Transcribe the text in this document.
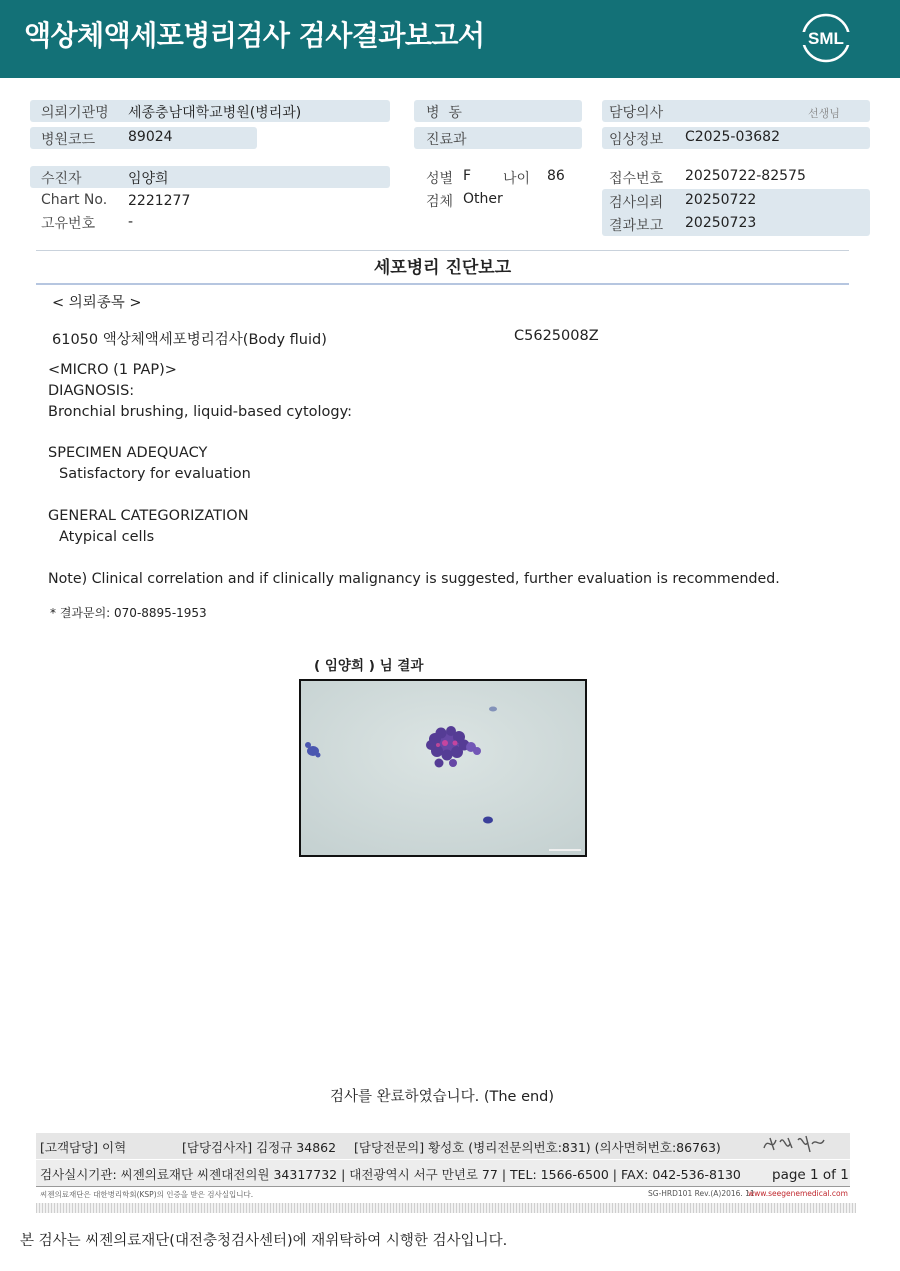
액상체액세포병리검사 검사결과보고서	SML
의뢰기관명 세종충남대학교병원(병리과)
병원코드 89024
병  동
진료과
담당의사	선생님
임상정보 C2025-03682
수진자	임양희
Chart No. 2221277
고유번호 -
성별 F 나이 86
검체 Other
접수번호 20250722-82575
검사의뢰 20250722
결과보고 20250723
세포병리 진단보고
< 의뢰종목 >
61050 액상체액세포병리검사(Body fluid)	C5625008Z
<MICRO (1 PAP)>
DIAGNOSIS:
Bronchial brushing, liquid-based cytology:
SPECIMEN ADEQUACY
Satisfactory for evaluation
GENERAL CATEGORIZATION
Atypical cells
Note) Clinical correlation and if clinically malignancy is suggested, further evaluation is recommended.
* 결과문의: 070-8895-1953
( 임양희 ) 님 결과
검사를 완료하였습니다. (The end)
[고객담당] 이혁	[담당검사자] 김정규 34862 [담당전문의] 황성호 (병리전문의번호:831) (의사면허번호:86763)
검사실시기관: 씨젠의료재단 씨젠대전의원 34317732 | 대전광역시 서구 만년로 77 | TEL: 1566-6500 | FAX: 042-536-8130 page 1 of 1
씨젠의료재단은 대한병리학회(KSP)의 인증을 받은 검사실입니다.	SG-HRD101 Rev.(A)2016. 11
www.seegenemedical.com
본 검사는 씨젠의료재단(대전충청검사센터)에 재위탁하여 시행한 검사입니다.
